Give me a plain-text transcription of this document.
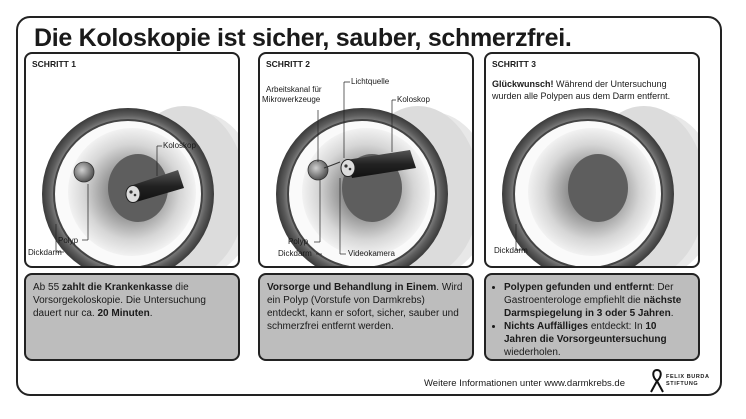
Die Koloskopie ist sicher, sauber, schmerzfrei.
SCHRITT 1
Koloskop
Polyp
Dickdarm
SCHRITT 2
Arbeitskanal für
Mikrowerkzeuge
Lichtquelle
Koloskop
Polyp
Dickdarm	Videokamera
SCHRITT 3
Glückwunsch! Während der Untersuchung wurden alle Polypen aus dem Darm entfernt.
Dickdarm
Ab 55 zahlt die Krankenkasse die Vorsorgekoloskopie. Die Untersuchung dauert nur ca. 20 Minuten.
Vorsorge und Behandlung in Einem. Wird ein Polyp (Vorstufe von Darmkrebs) entdeckt, kann er sofort, sicher, sauber und schmerzfrei entfernt werden.
• Polypen gefunden und entfernt: Der Gastroenterologe empfiehlt die nächste Darmspiegelung in 3 oder 5 Jahren.
• Nichts Auffälliges entdeckt: In 10 Jahren die Vorsorgeuntersuchung wiederholen.
Weitere Informationen unter www.darmkrebs.de
FELIX BURDA
STIFTUNG
